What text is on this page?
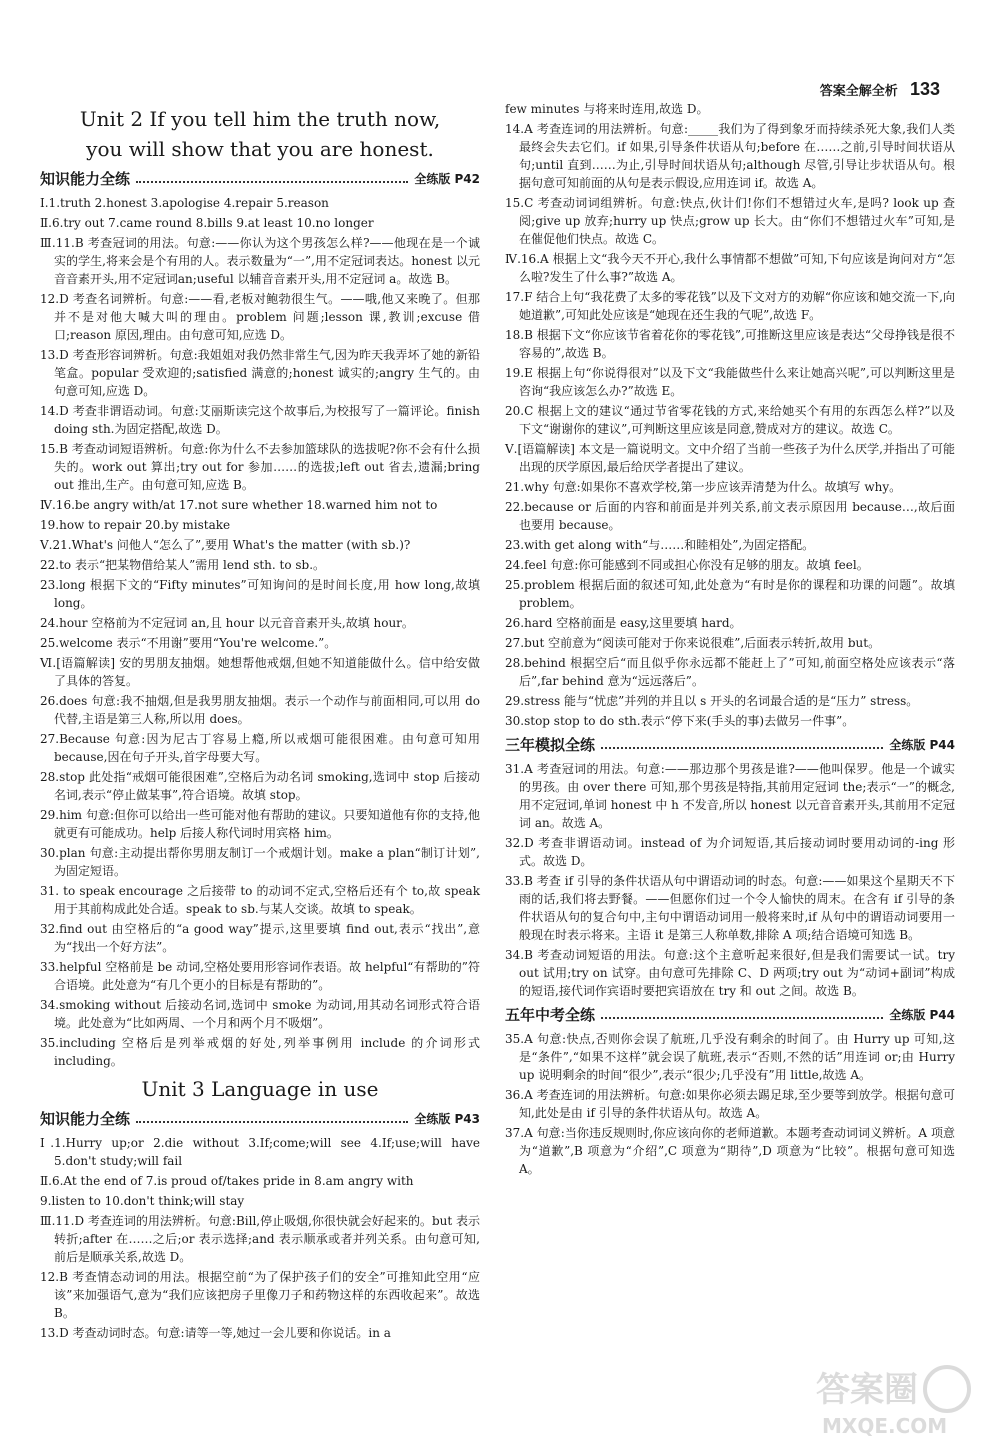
答案全解全析 133
Unit 2 If you tell him the truth now,
you will show that you are honest.
知识能力全练	全练版 P42
Ⅰ.1.truth 2.honest 3.apologise 4.repair 5.reason
Ⅱ.6.try out 7.came round 8.bills 9.at least 10.no longer
Ⅲ.11.B 考查冠词的用法。句意:——你认为这个男孩怎么样?——他现在是一个诚实的学生,将来会是个有用的人。表示数量为“一”,用不定冠词表达。honest 以元音音素开头,用不定冠词an;useful 以辅音音素开头,用不定冠词 a。故选 B。
12.D 考查名词辨析。句意:——看,老板对鲍勃很生气。——哦,他又来晚了。但那并不是对他大喊大叫的理由。problem 问题;lesson 课,教训;excuse 借口;reason 原因,理由。由句意可知,应选 D。
13.D 考查形容词辨析。句意:我姐姐对我仍然非常生气,因为昨天我弄坏了她的新铅笔盒。popular 受欢迎的;satisfied 满意的;honest 诚实的;angry 生气的。由句意可知,应选 D。
14.D 考查非谓语动词。句意:艾丽斯读完这个故事后,为校报写了一篇评论。finish doing sth.为固定搭配,故选 D。
15.B 考查动词短语辨析。句意:你为什么不去参加篮球队的选拔呢?你不会有什么损失的。work out 算出;try out for 参加……的选拔;left out 省去,遗漏;bring out 推出,生产。由句意可知,应选 B。
Ⅳ.16.be angry with/at 17.not sure whether 18.warned him not to
19.how to repair 20.by mistake
Ⅴ.21.What's 问他人“怎么了”,要用 What's the matter (with sb.)?
22.to 表示“把某物借给某人”需用 lend sth. to sb.。
23.long 根据下文的“Fifty minutes”可知询问的是时间长度,用 how long,故填 long。
24.hour 空格前为不定冠词 an,且 hour 以元音音素开头,故填 hour。
25.welcome 表示“不用谢”要用“You're welcome.”。
Ⅵ.[语篇解读] 安的男朋友抽烟。她想帮他戒烟,但她不知道能做什么。信中给安做了具体的答复。
26.does 句意:我不抽烟,但是我男朋友抽烟。表示一个动作与前面相同,可以用 do 代替,主语是第三人称,所以用 does。
27.Because 句意:因为尼古丁容易上瘾,所以戒烟可能很困难。由句意可知用 because,因在句子开头,首字母要大写。
28.stop 此处指“戒烟可能很困难”,空格后为动名词 smoking,选词中 stop 后接动名词,表示“停止做某事”,符合语境。故填 stop。
29.him 句意:但你可以给出一些可能对他有帮助的建议。只要知道他有你的支持,他就更有可能成功。help 后接人称代词时用宾格 him。
30.plan 句意:主动提出帮你男朋友制订一个戒烟计划。make a plan“制订计划”,为固定短语。
31. to speak encourage 之后接带 to 的动词不定式,空格后还有个 to,故 speak 用于其前构成此处合适。speak to sb.与某人交谈。故填 to speak。
32.find out 由空格后的“a good way”提示,这里要填 find out,表示“找出”,意为“找出一个好方法”。
33.helpful 空格前是 be 动词,空格处要用形容词作表语。故 helpful“有帮助的”符合语境。此处意为“有几个更小的目标是有帮助的”。
34.smoking without 后接动名词,选词中 smoke 为动词,用其动名词形式符合语境。此处意为“比如两周、一个月和两个月不吸烟”。
35.including 空格后是列举戒烟的好处,列举事例用 include 的介词形式 including。
Unit 3 Language in use
知识能力全练	全练版 P43
Ⅰ.1.Hurry up;or 2.die without 3.If;come;will see 4.If;use;will have 5.don't study;will fail
Ⅱ.6.At the end of 7.is proud of/takes pride in 8.am angry with
9.listen to 10.don't think;will stay
Ⅲ.11.D 考查连词的用法辨析。句意:Bill,停止吸烟,你很快就会好起来的。but 表示转折;after 在……之后;or 表示选择;and 表示顺承或者并列关系。由句意可知,前后是顺承关系,故选 D。
12.B 考查情态动词的用法。根据空前“为了保护孩子们的安全”可推知此空用“应该”来加强语气,意为“我们应该把房子里像刀子和药物这样的东西收起来”。故选 B。
13.D 考查动词时态。句意:请等一等,她过一会儿要和你说话。in a
few minutes 与将来时连用,故选 D。
14.A 考查连词的用法辨析。句意:_____我们为了得到象牙而持续杀死大象,我们人类最终会失去它们。if 如果,引导条件状语从句;before 在……之前,引导时间状语从句;until 直到……为止,引导时间状语从句;although 尽管,引导让步状语从句。根据句意可知前面的从句是表示假设,应用连词 if。故选 A。
15.C 考查动词词组辨析。句意:快点,伙计们!你们不想错过火车,是吗? look up 查阅;give up 放弃;hurry up 快点;grow up 长大。由“你们不想错过火车”可知,是在催促他们快点。故选 C。
Ⅳ.16.A 根据上文“我今天不开心,我什么事情都不想做”可知,下句应该是询问对方“怎么啦?发生了什么事?”故选 A。
17.F 结合上句“我花费了太多的零花钱”以及下文对方的劝解“你应该和她交流一下,向她道歉”,可知此处应该是“她现在还生我的气呢”,故选 F。
18.B 根据下文“你应该节省着花你的零花钱”,可推断这里应该是表达“父母挣钱是很不容易的”,故选 B。
19.E 根据上句“你说得很对”以及下文“我能做些什么来让她高兴呢”,可以判断这里是咨询“我应该怎么办?”故选 E。
20.C 根据上文的建议“通过节省零花钱的方式,来给她买个有用的东西怎么样?”以及下文“谢谢你的建议”,可判断这里应该是同意,赞成对方的建议。故选 C。
Ⅴ.[语篇解读] 本文是一篇说明文。文中介绍了当前一些孩子为什么厌学,并指出了可能出现的厌学原因,最后给厌学者提出了建议。
21.why 句意:如果你不喜欢学校,第一步应该弄清楚为什么。故填写 why。
22.because or 后面的内容和前面是并列关系,前文表示原因用 because…,故后面也要用 because。
23.with get along with“与……和睦相处”,为固定搭配。
24.feel 句意:你可能感到不同或担心你没有足够的朋友。故填 feel。
25.problem 根据后面的叙述可知,此处意为“有时是你的课程和功课的问题”。故填 problem。
26.hard 空格前面是 easy,这里要填 hard。
27.but 空前意为“阅读可能对于你来说很难”,后面表示转折,故用 but。
28.behind 根据空后“而且似乎你永远都不能赶上了”可知,前面空格处应该表示“落后”,far behind 意为“远远落后”。
29.stress 能与“忧虑”并列的并且以 s 开头的名词最合适的是“压力” stress。
30.stop stop to do sth.表示“停下来(手头的事)去做另一件事”。
三年模拟全练	全练版 P44
31.A 考查冠词的用法。句意:——那边那个男孩是谁?——他叫保罗。他是一个诚实的男孩。由 over there 可知,那个男孩是特指,其前用定冠词 the;表示“一”的概念,用不定冠词,单词 honest 中 h 不发音,所以 honest 以元音音素开头,其前用不定冠词 an。故选 A。
32.D 考查非谓语动词。instead of 为介词短语,其后接动词时要用动词的-ing 形式。故选 D。
33.B 考查 if 引导的条件状语从句中谓语动词的时态。句意:——如果这个星期天不下雨的话,我们将去野餐。——但愿你们过一个令人愉快的周末。在含有 if 引导的条件状语从句的复合句中,主句中谓语动词用一般将来时,if 从句中的谓语动词要用一般现在时表示将来。主语 it 是第三人称单数,排除 A 项;结合语境可知选 B。
34.B 考查动词短语的用法。句意:这个主意听起来很好,但是我们需要试一试。try out 试用;try on 试穿。由句意可先排除 C、D 两项;try out 为“动词+副词”构成的短语,接代词作宾语时要把宾语放在 try 和 out 之间。故选 B。
五年中考全练	全练版 P44
35.A 句意:快点,否则你会误了航班,几乎没有剩余的时间了。由 Hurry up 可知,这是“条件”,“如果不这样”就会误了航班,表示“否则,不然的话”用连词 or;由 Hurry up 说明剩余的时间“很少”,表示“很少;几乎没有”用 little,故选 A。
36.A 考查连词的用法辨析。句意:如果你必须去踢足球,至少要等到放学。根据句意可知,此处是由 if 引导的条件状语从句。故选 A。
37.A 句意:当你违反规则时,你应该向你的老师道歉。本题考查动词词义辨析。A 项意为“道歉”,B 项意为“介绍”,C 项意为“期待”,D 项意为“比较”。根据句意可知选 A。
答案圈
MXQE.COM
